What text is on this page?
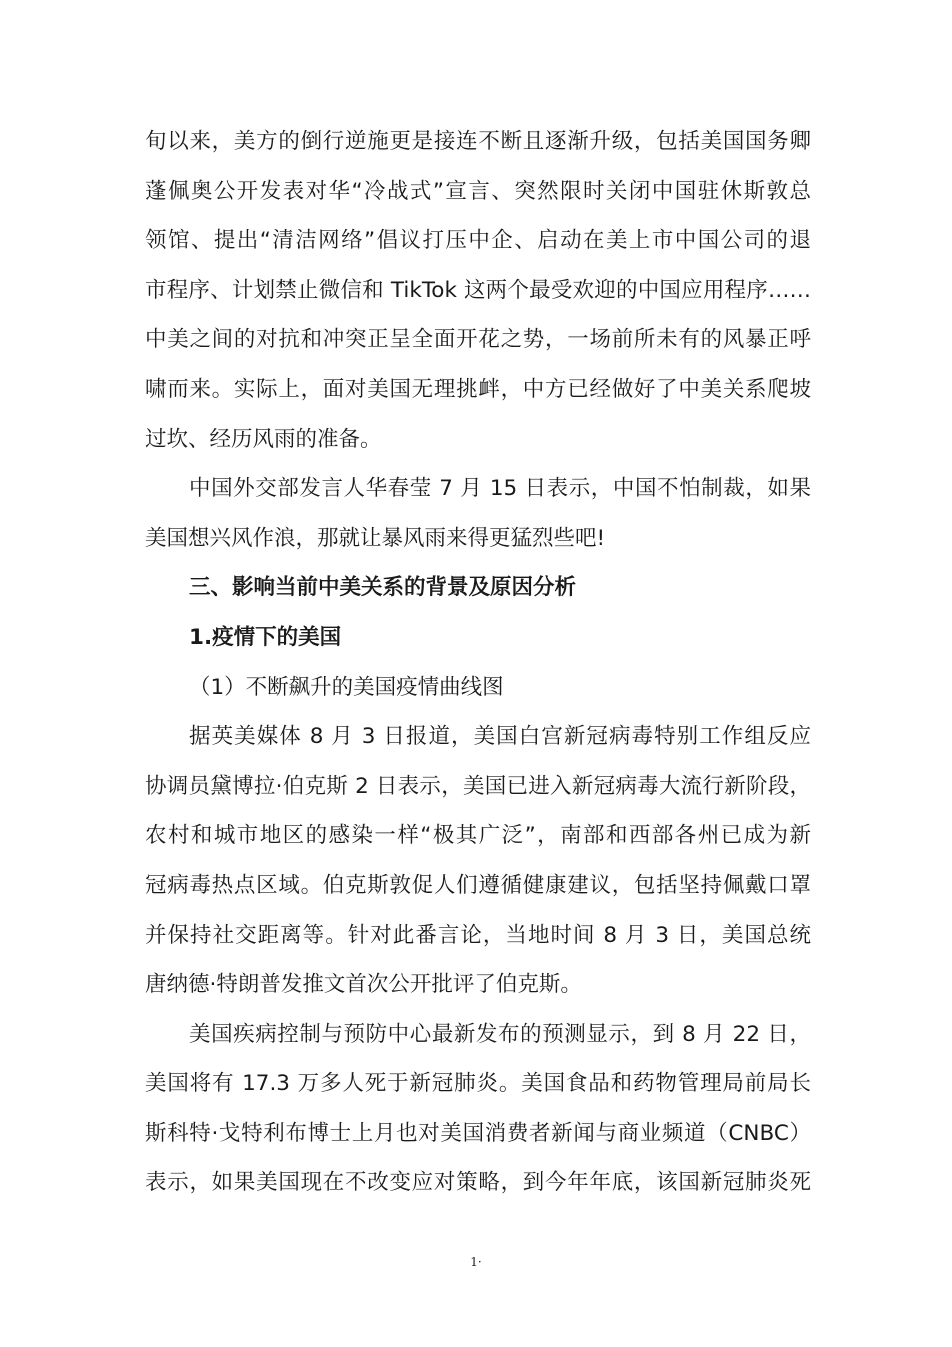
旬以来，美方的倒行逆施更是接连不断且逐渐升级，包括美国国务卿
蓬佩奥公开发表对华“冷战式”宣言、突然限时关闭中国驻休斯敦总
领馆、提出“清洁网络”倡议打压中企、启动在美上市中国公司的退
市程序、计划禁止微信和 TikTok 这两个最受欢迎的中国应用程序……
中美之间的对抗和冲突正呈全面开花之势，一场前所未有的风暴正呼
啸而来。实际上，面对美国无理挑衅，中方已经做好了中美关系爬坡
过坎、经历风雨的准备。
中国外交部发言人华春莹 7 月 15 日表示，中国不怕制裁，如果
美国想兴风作浪，那就让暴风雨来得更猛烈些吧!
三、影响当前中美关系的背景及原因分析
1.疫情下的美国
（1）不断飙升的美国疫情曲线图
据英美媒体 8 月 3 日报道，美国白宫新冠病毒特别工作组反应
协调员黛博拉·伯克斯 2 日表示，美国已进入新冠病毒大流行新阶段，
农村和城市地区的感染一样“极其广泛”，南部和西部各州已成为新
冠病毒热点区域。伯克斯敦促人们遵循健康建议，包括坚持佩戴口罩
并保持社交距离等。针对此番言论，当地时间 8 月 3 日，美国总统
唐纳德·特朗普发推文首次公开批评了伯克斯。
美国疾病控制与预防中心最新发布的预测显示，到 8 月 22 日，
美国将有 17.3 万多人死于新冠肺炎。美国食品和药物管理局前局长
斯科特·戈特利布博士上月也对美国消费者新闻与商业频道（CNBC）
表示，如果美国现在不改变应对策略，到今年年底，该国新冠肺炎死
1·
